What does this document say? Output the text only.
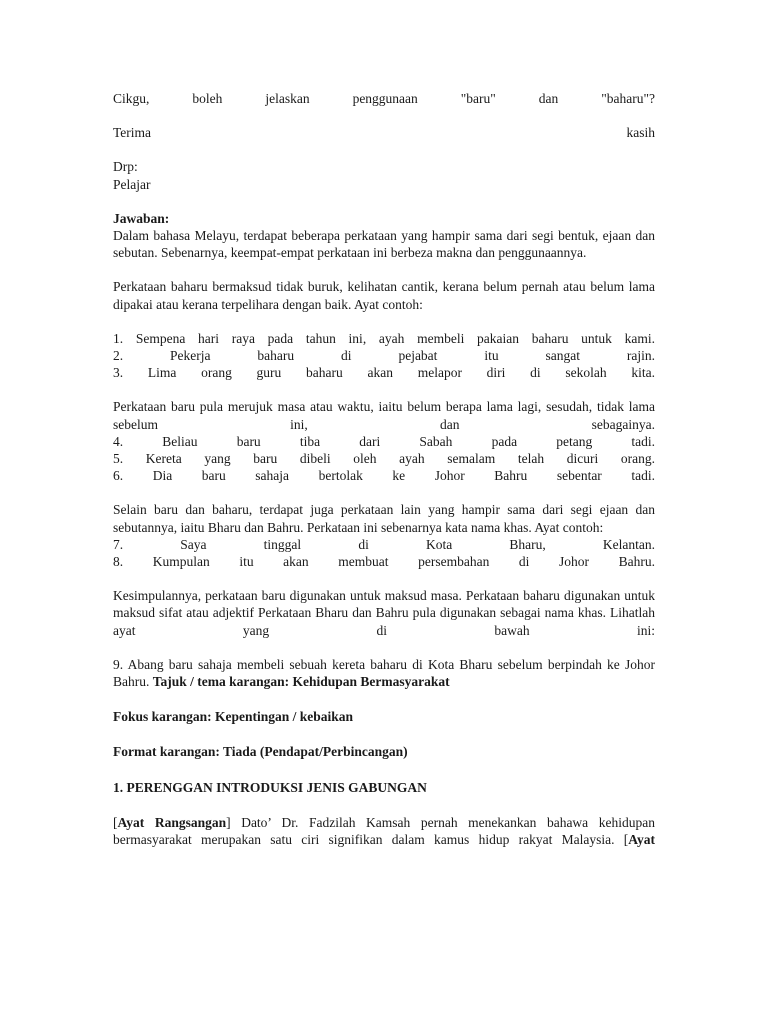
Cikgu, boleh jelaskan penggunaan "baru" dan "baharu"?
Terima kasih
Drp:
Pelajar
Jawaban:
Dalam bahasa Melayu, terdapat beberapa perkataan yang hampir sama dari segi bentuk, ejaan dan sebutan. Sebenarnya, keempat-empat perkataan ini berbeza makna dan penggunaannya.
Perkataan baharu bermaksud tidak buruk, kelihatan cantik, kerana belum pernah atau belum lama dipakai atau kerana terpelihara dengan baik. Ayat contoh:
1. Sempena hari raya pada tahun ini, ayah membeli pakaian baharu untuk kami.
2. Pekerja baharu di pejabat itu sangat rajin.
3. Lima orang guru baharu akan melapor diri di sekolah kita.
Perkataan baru pula merujuk masa atau waktu, iaitu belum berapa lama lagi, sesudah, tidak lama sebelum ini, dan sebagainya.
4. Beliau baru tiba dari Sabah pada petang tadi.
5. Kereta yang baru dibeli oleh ayah semalam telah dicuri orang.
6. Dia baru sahaja bertolak ke Johor Bahru sebentar tadi.
Selain baru dan baharu, terdapat juga perkataan lain yang hampir sama dari segi ejaan dan sebutannya, iaitu Bharu dan Bahru. Perkataan ini sebenarnya kata nama khas. Ayat contoh:
7. Saya tinggal di Kota Bharu, Kelantan.
8. Kumpulan itu akan membuat persembahan di Johor Bahru.
Kesimpulannya, perkataan baru digunakan untuk maksud masa. Perkataan baharu digunakan untuk maksud sifat atau adjektif Perkataan Bharu dan Bahru pula digunakan sebagai nama khas. Lihatlah ayat yang di bawah ini:
9. Abang baru sahaja membeli sebuah kereta baharu di Kota Bharu sebelum berpindah ke Johor Bahru. Tajuk / tema karangan: Kehidupan Bermasyarakat
Fokus karangan: Kepentingan / kebaikan
Format karangan: Tiada (Pendapat/Perbincangan)
1. PERENGGAN INTRODUKSI JENIS GABUNGAN
[Ayat Rangsangan] Dato’ Dr. Fadzilah Kamsah pernah menekankan bahawa kehidupan bermasyarakat merupakan satu ciri signifikan dalam kamus hidup rakyat Malaysia. [Ayat
